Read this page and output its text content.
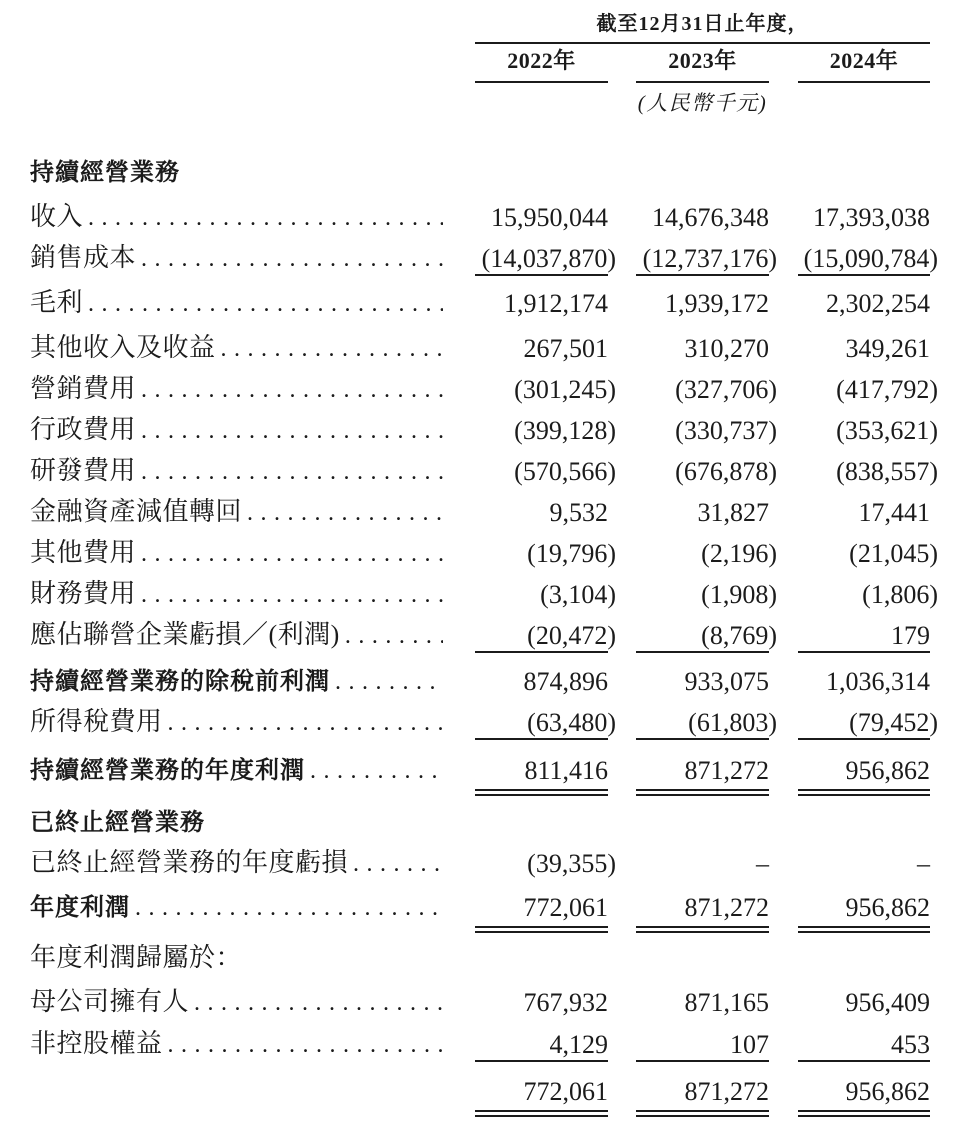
截至12月31日止年度，
2022年	2023年	2024年
(人民幣千元)
持續經營業務
收入 .....	15,950,044 14,676,348 17,393,038
銷售成本 .....	(14,037,870) (12,737,176) (15,090,784)
毛利 .....	1,912,174 1,939,172 2,302,254
其他收入及收益 .....	267,501	310,270	349,261
營銷費用 .....	(301,245) (327,706) (417,792)
行政費用 .....	(399,128) (330,737) (353,621)
研發費用 .....	(570,566) (676,878) (838,557)
金融資產減值轉回 .....	9,532	31,827	17,441
其他費用 .....	(19,796)	(2,196)	(21,045)
財務費用 .....	(3,104)	(1,908)	(1,806)
應佔聯營企業虧損／(利潤) .....	(20,472)	(8,769)	179
持續經營業務的除稅前利潤 .....	874,896	933,075 1,036,314
所得稅費用 .....	(63,480)	(61,803)	(79,452)
持續經營業務的年度利潤 .....	811,416	871,272	956,862
已終止經營業務
已終止經營業務的年度虧損 .....	(39,355)	–	–
年度利潤 .....	772,061	871,272	956,862
年度利潤歸屬於：
母公司擁有人 .....	767,932	871,165	956,409
非控股權益 .....	4,129	107	453
772,061	871,272	956,862
